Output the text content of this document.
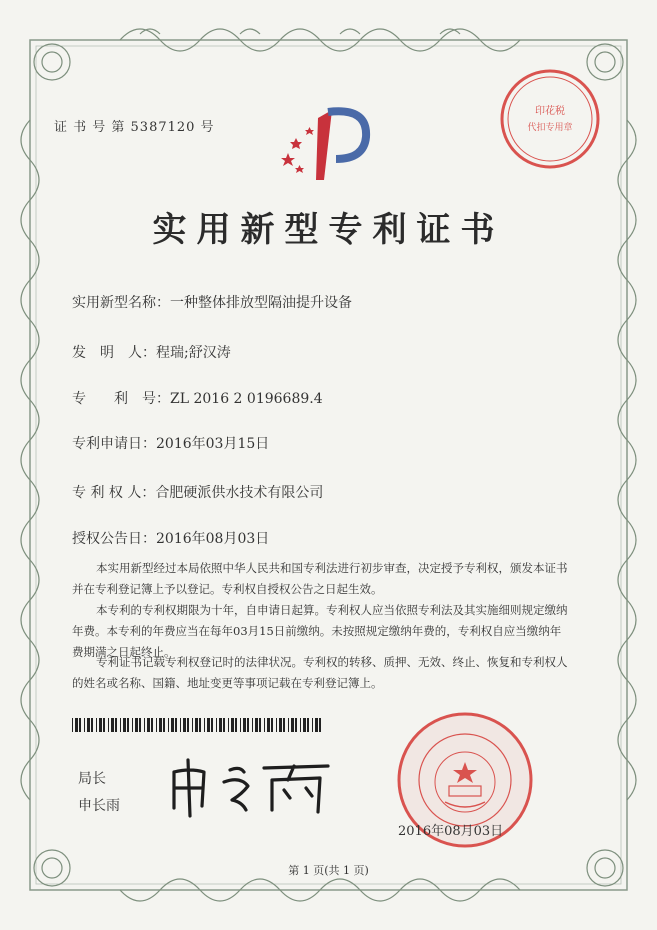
证 书 号 第 5387120 号
印花税
代扣专用章
实用新型专利证书
实用新型名称：一种整体排放型隔油提升设备
发　明　人：程瑞;舒汉涛
专　　利　号：ZL 2016 2 0196689.4
专利申请日：2016年03月15日
专 利 权 人：合肥硬派供水技术有限公司
授权公告日：2016年08月03日
本实用新型经过本局依照中华人民共和国专利法进行初步审查，决定授予专利权，颁发本证书并在专利登记簿上予以登记。专利权自授权公告之日起生效。
本专利的专利权期限为十年，自申请日起算。专利权人应当依照专利法及其实施细则规定缴纳年费。本专利的年费应当在每年03月15日前缴纳。未按照规定缴纳年费的，专利权自应当缴纳年费期满之日起终止。
专利证书记载专利权登记时的法律状况。专利权的转移、质押、无效、终止、恢复和专利权人的姓名或名称、国籍、地址变更等事项记载在专利登记簿上。
局长
申长雨
2016年08月03日
第 1 页(共 1 页)
